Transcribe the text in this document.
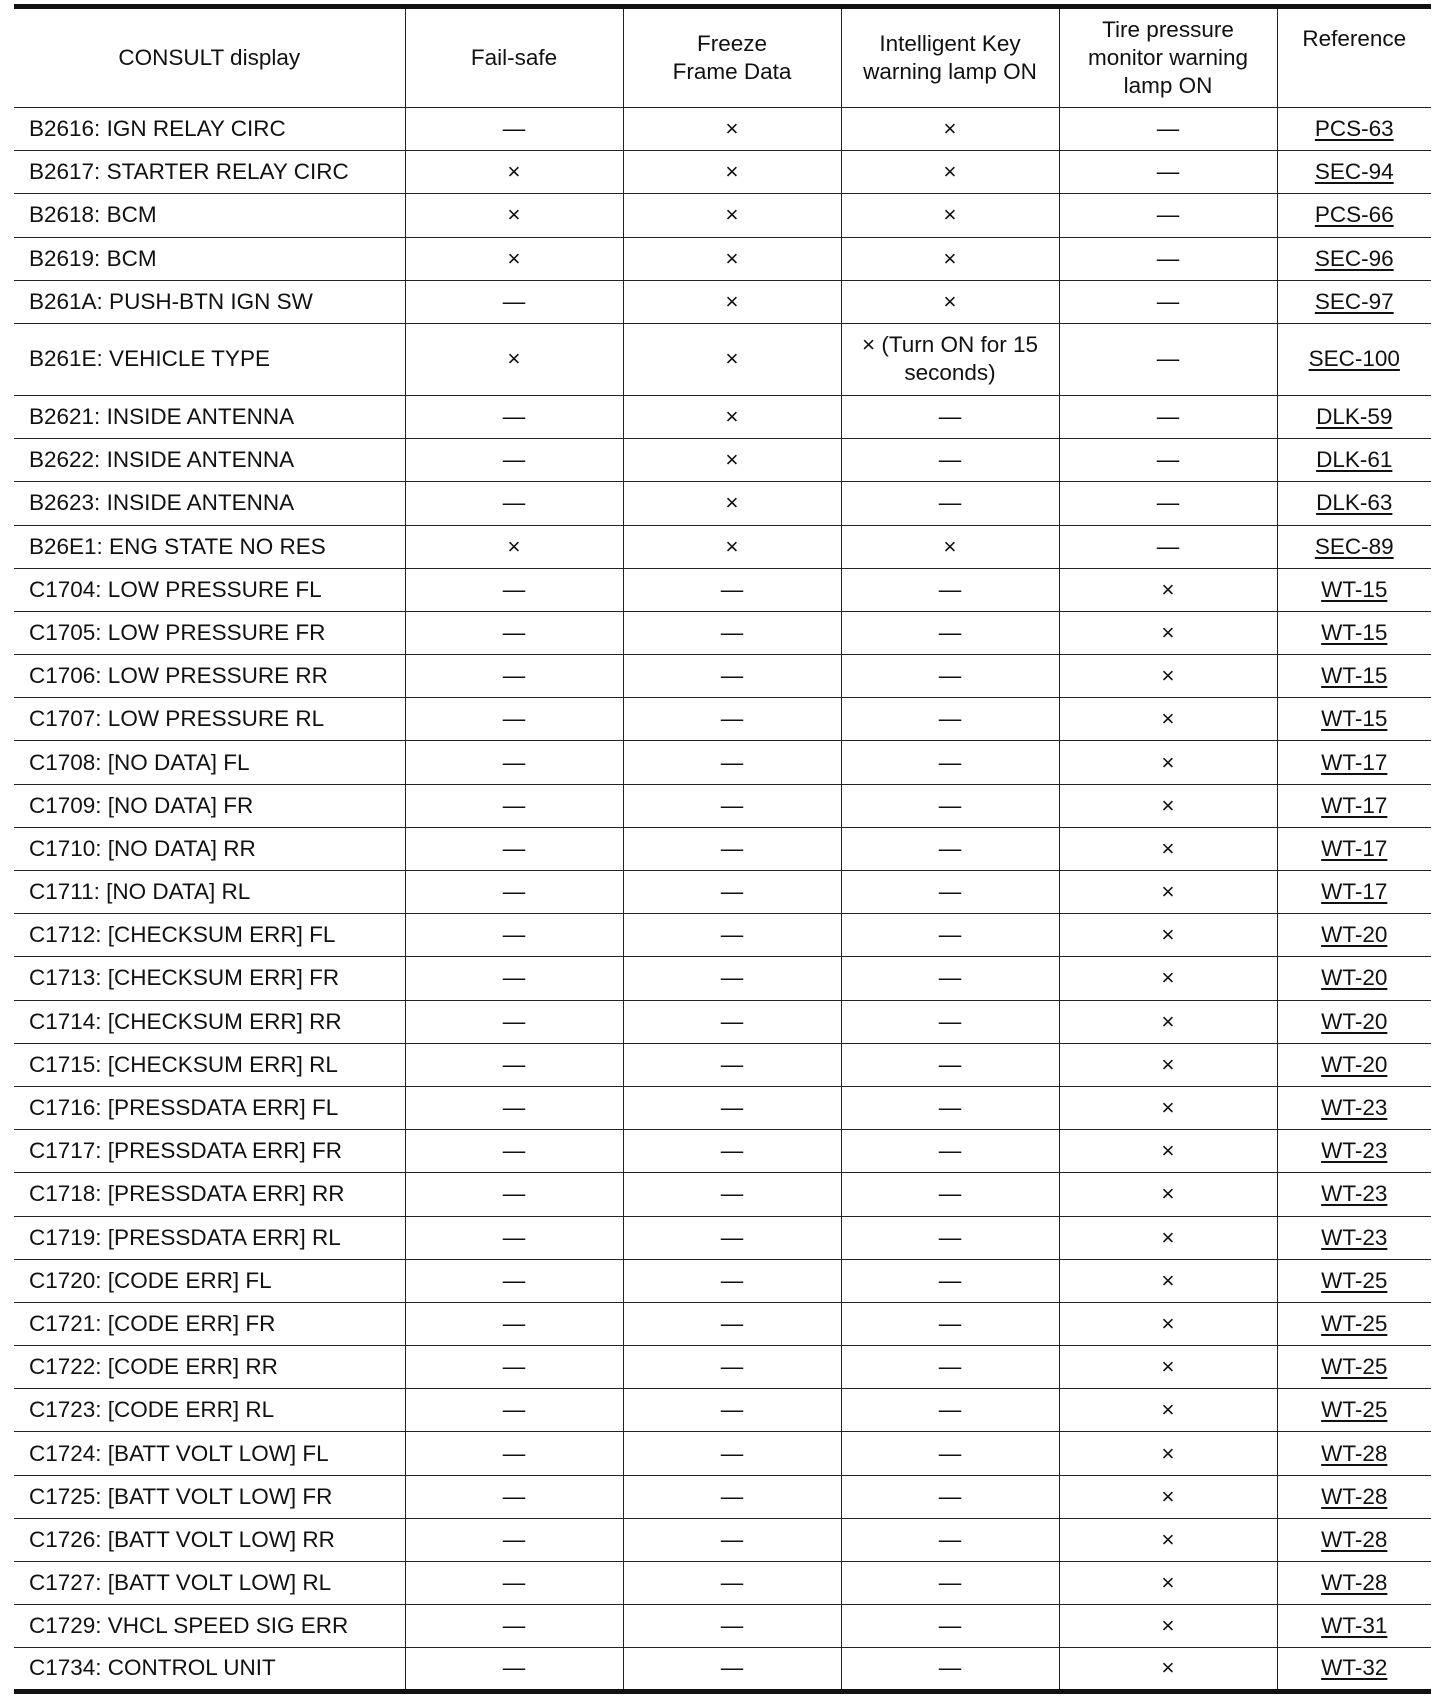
CONSULT display	Fail-safe	Freeze Frame Data	Intelligent Key warning lamp ON	Tire pressure monitor warning lamp ON	Reference
B2616: IGN RELAY CIRC	—	×	×	—	PCS-63
B2617: STARTER RELAY CIRC	×	×	×	—	SEC-94
B2618: BCM	×	×	×	—	PCS-66
B2619: BCM	×	×	×	—	SEC-96
B261A: PUSH-BTN IGN SW	—	×	×	—	SEC-97
B261E: VEHICLE TYPE	×	×	× (Turn ON for 15 seconds)	—	SEC-100
B2621: INSIDE ANTENNA	—	×	—	—	DLK-59
B2622: INSIDE ANTENNA	—	×	—	—	DLK-61
B2623: INSIDE ANTENNA	—	×	—	—	DLK-63
B26E1: ENG STATE NO RES	×	×	×	—	SEC-89
C1704: LOW PRESSURE FL	—	—	—	×	WT-15
C1705: LOW PRESSURE FR	—	—	—	×	WT-15
C1706: LOW PRESSURE RR	—	—	—	×	WT-15
C1707: LOW PRESSURE RL	—	—	—	×	WT-15
C1708: [NO DATA] FL	—	—	—	×	WT-17
C1709: [NO DATA] FR	—	—	—	×	WT-17
C1710: [NO DATA] RR	—	—	—	×	WT-17
C1711: [NO DATA] RL	—	—	—	×	WT-17
C1712: [CHECKSUM ERR] FL	—	—	—	×	WT-20
C1713: [CHECKSUM ERR] FR	—	—	—	×	WT-20
C1714: [CHECKSUM ERR] RR	—	—	—	×	WT-20
C1715: [CHECKSUM ERR] RL	—	—	—	×	WT-20
C1716: [PRESSDATA ERR] FL	—	—	—	×	WT-23
C1717: [PRESSDATA ERR] FR	—	—	—	×	WT-23
C1718: [PRESSDATA ERR] RR	—	—	—	×	WT-23
C1719: [PRESSDATA ERR] RL	—	—	—	×	WT-23
C1720: [CODE ERR] FL	—	—	—	×	WT-25
C1721: [CODE ERR] FR	—	—	—	×	WT-25
C1722: [CODE ERR] RR	—	—	—	×	WT-25
C1723: [CODE ERR] RL	—	—	—	×	WT-25
C1724: [BATT VOLT LOW] FL	—	—	—	×	WT-28
C1725: [BATT VOLT LOW] FR	—	—	—	×	WT-28
C1726: [BATT VOLT LOW] RR	—	—	—	×	WT-28
C1727: [BATT VOLT LOW] RL	—	—	—	×	WT-28
C1729: VHCL SPEED SIG ERR	—	—	—	×	WT-31
C1734: CONTROL UNIT	—	—	—	×	WT-32
